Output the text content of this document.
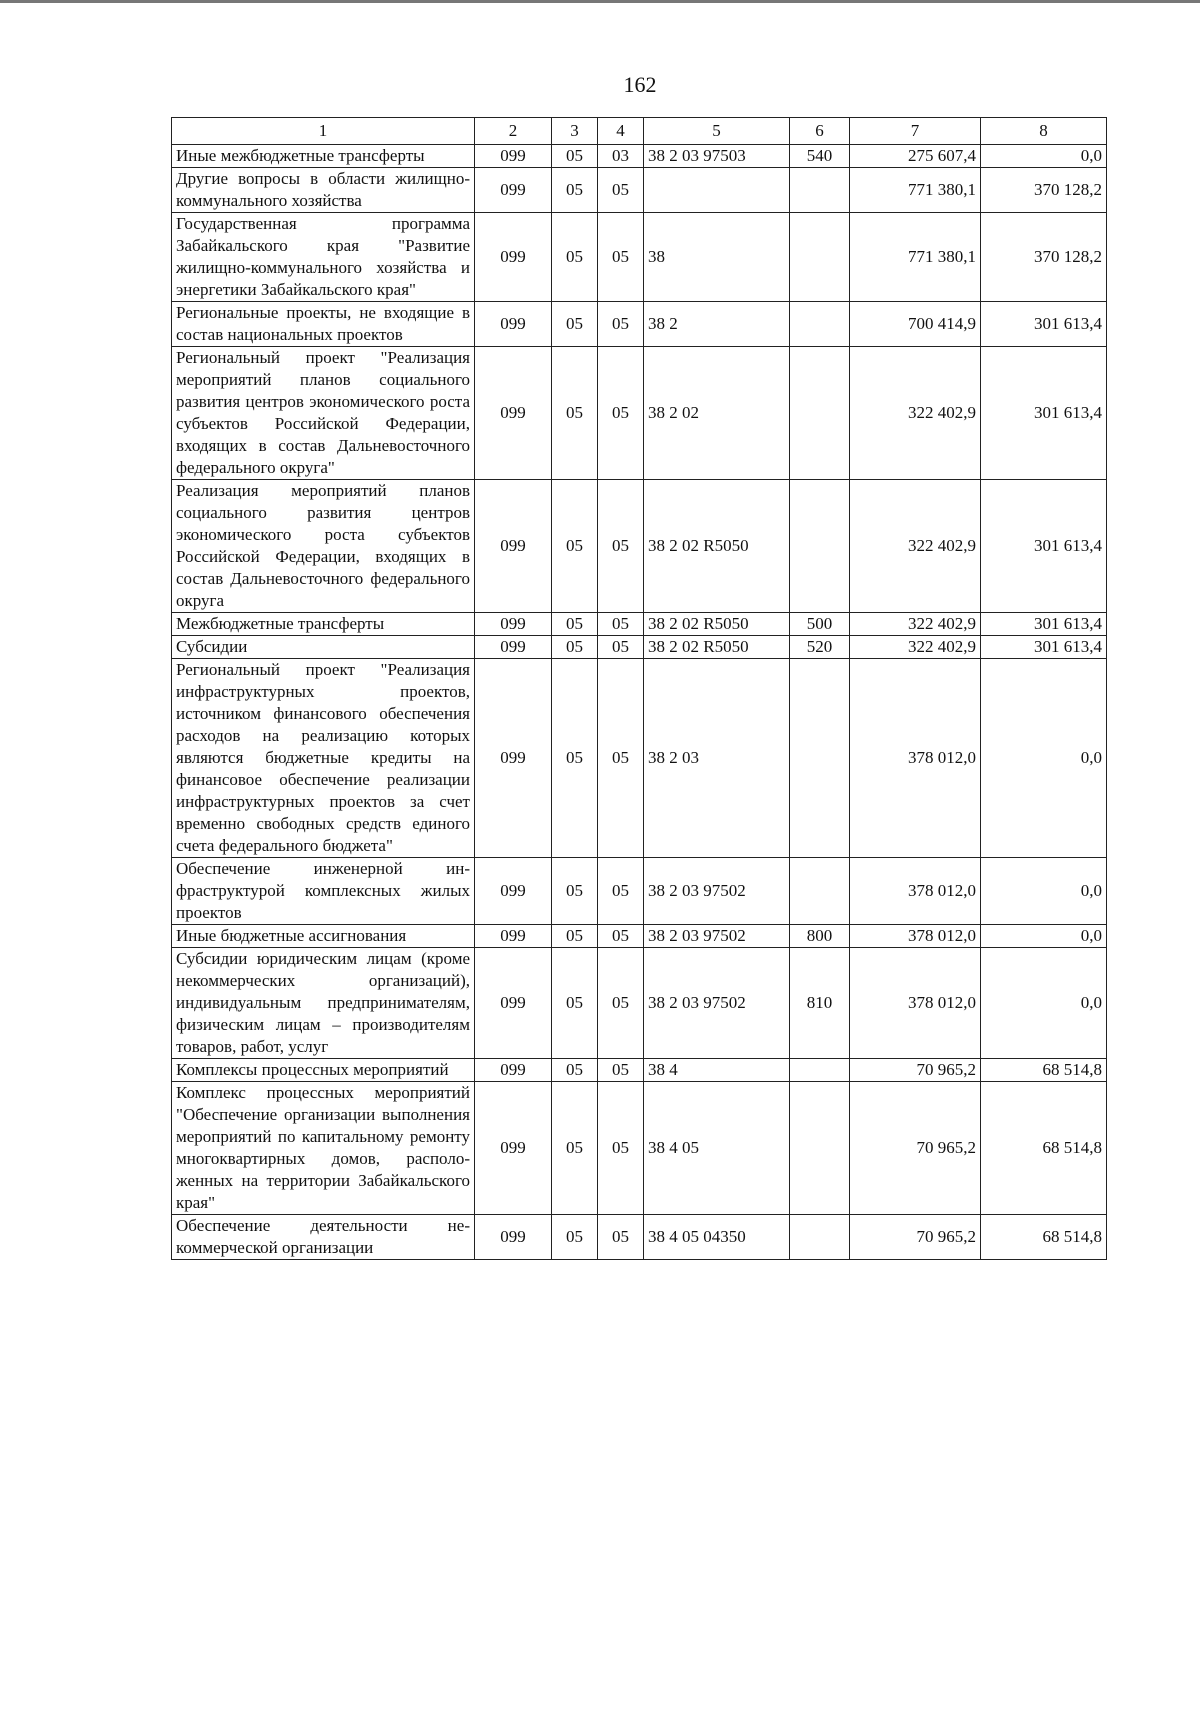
162
1	2	3	4	5	6	7	8
Иные межбюджетные трансферты	099	05	03	38 2 03 97503	540	275 607,4	0,0
Другие вопросы в области жилищно-коммунального хозяйства	099	05	05			771 380,1	370 128,2
Государственная программа Забайкальского края "Развитие жилищно-коммунального хозяйства и энергетики Забайкальского края"	099	05	05	38		771 380,1	370 128,2
Региональные проекты, не входящие в состав национальных проектов	099	05	05	38 2		700 414,9	301 613,4
Региональный проект "Реализация мероприятий планов социального развития центров экономического роста субъектов Российской Федерации, входящих в состав Дальневосточного федерального округа"	099	05	05	38 2 02		322 402,9	301 613,4
Реализация мероприятий планов социального развития центров экономического роста субъектов Российской Федерации, входящих в состав Дальневосточного федерального округа	099	05	05	38 2 02 R5050		322 402,9	301 613,4
Межбюджетные трансферты	099	05	05	38 2 02 R5050	500	322 402,9	301 613,4
Субсидии	099	05	05	38 2 02 R5050	520	322 402,9	301 613,4
Региональный проект "Реализация инфраструктурных проектов, источником финансового обеспечения расходов на реализацию которых являются бюджетные кредиты на финансовое обеспечение реализации инфраструктурных проектов за счет временно свободных средств единого счета федерального бюджета"	099	05	05	38 2 03		378 012,0	0,0
Обеспечение инженерной инфраструктурой комплексных жилых проектов	099	05	05	38 2 03 97502		378 012,0	0,0
Иные бюджетные ассигнования	099	05	05	38 2 03 97502	800	378 012,0	0,0
Субсидии юридическим лицам (кроме некоммерческих организаций), индивидуальным предпринимателям, физическим лицам – производителям товаров, работ, услуг	099	05	05	38 2 03 97502	810	378 012,0	0,0
Комплексы процессных мероприятий	099	05	05	38 4		70 965,2	68 514,8
Комплекс процессных мероприятий "Обеспечение организации выполнения мероприятий по капитальному ремонту многоквартирных домов, расположенных на территории Забайкальского края"	099	05	05	38 4 05		70 965,2	68 514,8
Обеспечение деятельности некоммерческой организации	099	05	05	38 4 05 04350		70 965,2	68 514,8
